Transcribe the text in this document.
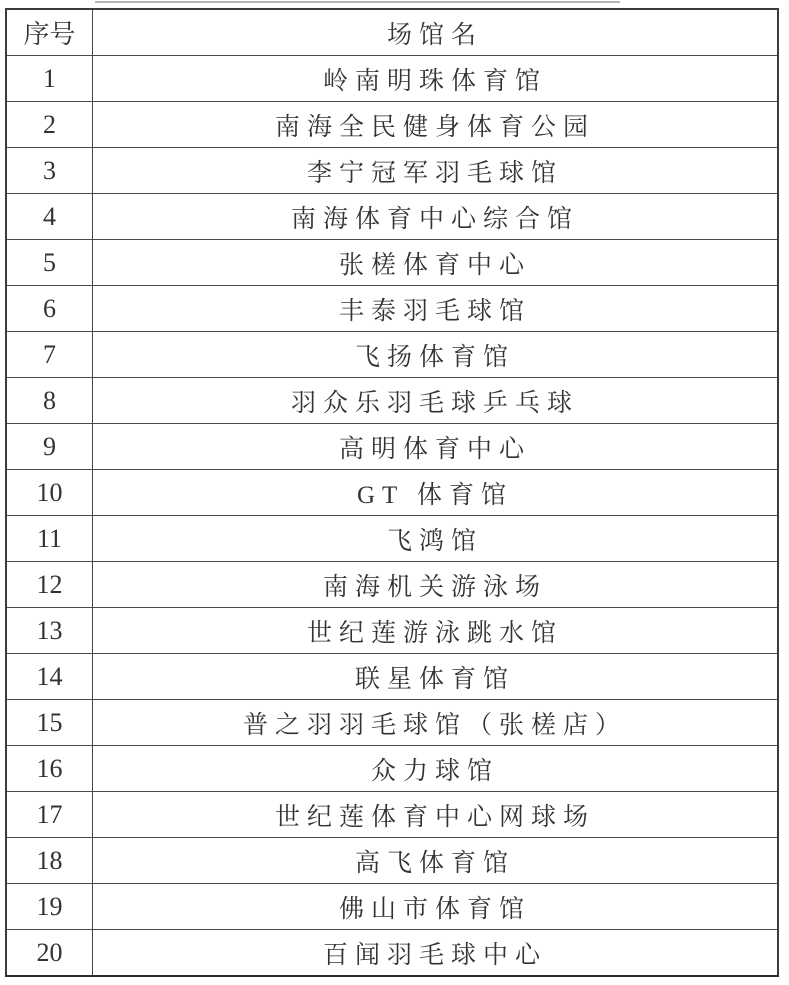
序号	场馆名
1	岭南明珠体育馆
2	南海全民健身体育公园
3	李宁冠军羽毛球馆
4	南海体育中心综合馆
5	张槎体育中心
6	丰泰羽毛球馆
7	飞扬体育馆
8	羽众乐羽毛球乒乓球
9	高明体育中心
10	GT 体育馆
11	飞鸿馆
12	南海机关游泳场
13	世纪莲游泳跳水馆
14	联星体育馆
15	普之羽羽毛球馆（张槎店）
16	众力球馆
17	世纪莲体育中心网球场
18	高飞体育馆
19	佛山市体育馆
20	百闻羽毛球中心
